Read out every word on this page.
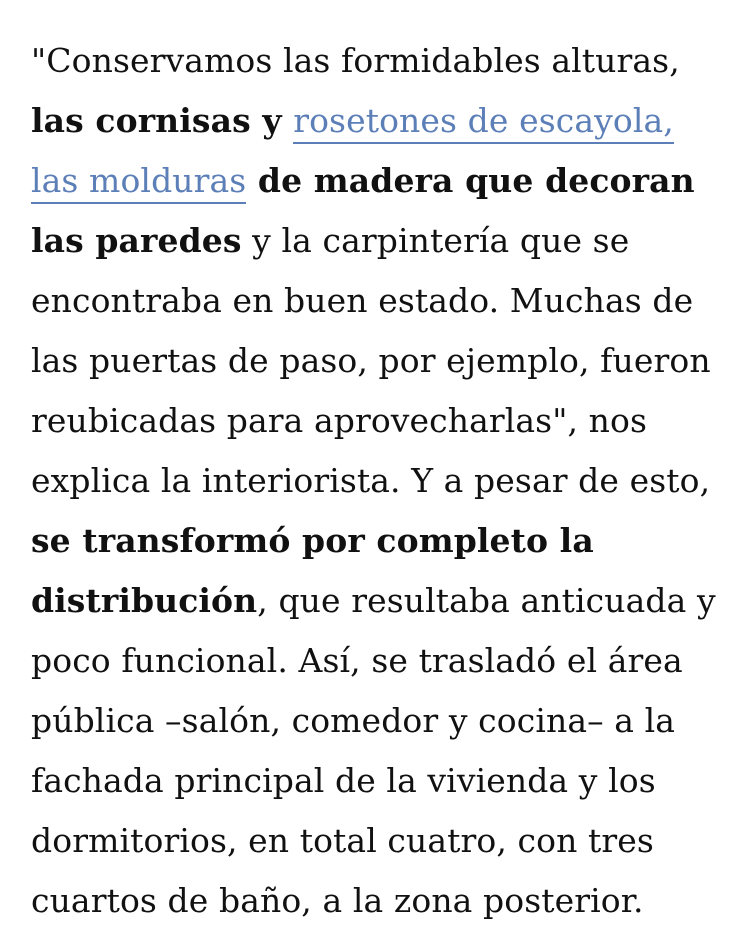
"Conservamos las formidables alturas, las cornisas y rosetones de escayola, las molduras de madera que decoran las paredes y la carpintería que se encontraba en buen estado. Muchas de las puertas de paso, por ejemplo, fueron reubicadas para aprovecharlas", nos explica la interiorista. Y a pesar de esto, se transformó por completo la distribución, que resultaba anticuada y poco funcional. Así, se trasladó el área pública –salón, comedor y cocina– a la fachada principal de la vivienda y los dormitorios, en total cuatro, con tres cuartos de baño, a la zona posterior.
